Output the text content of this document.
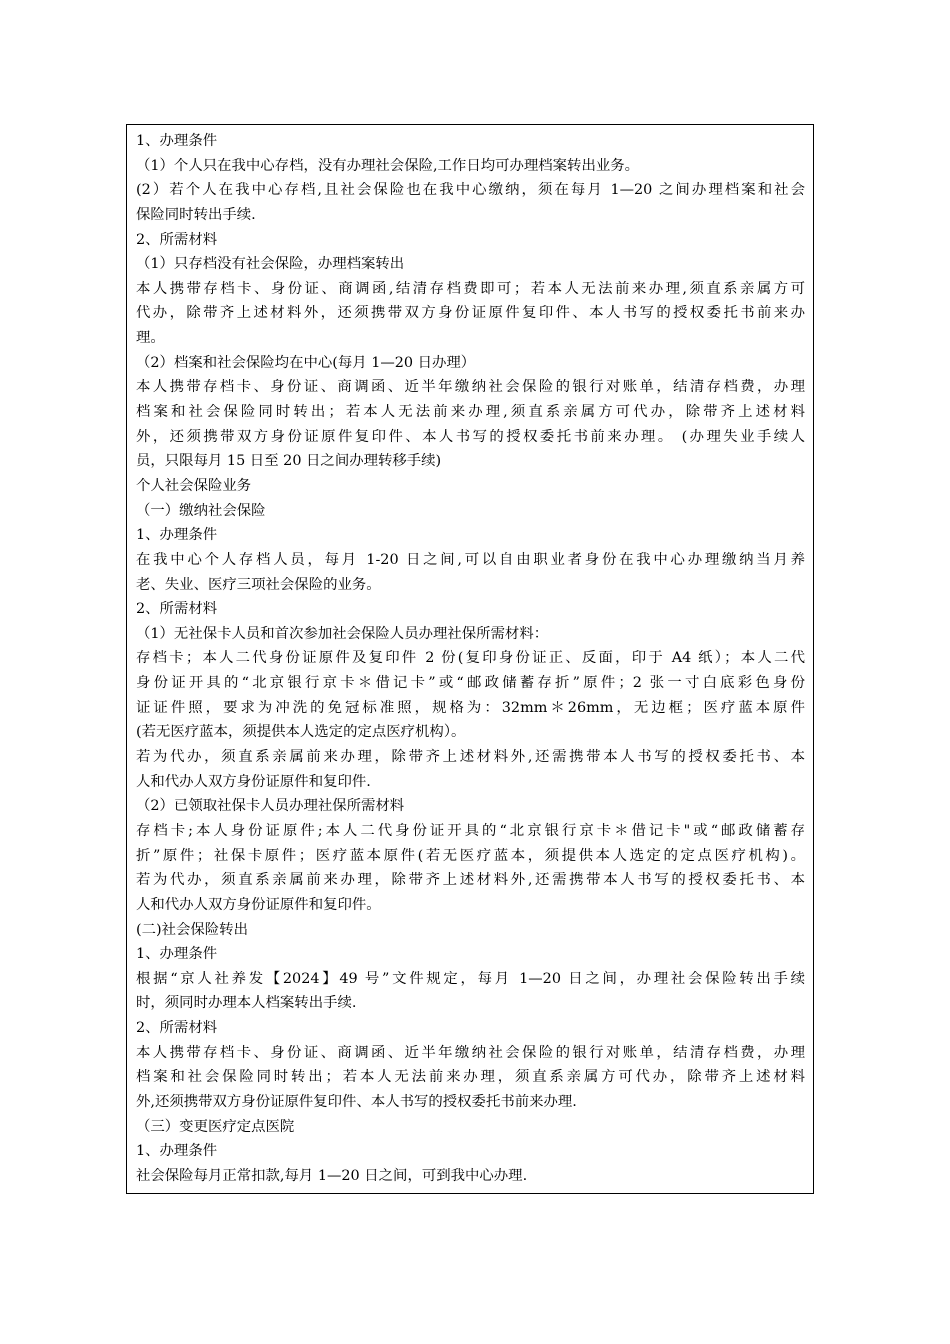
1、办理条件
（1）个人只在我中心存档，没有办理社会保险,工作日均可办理档案转出业务。
(2）若个人在我中心存档,且社会保险也在我中心缴纳，须在每月 1—20 之间办理档案和社会
保险同时转出手续.
2、所需材料
（1）只存档没有社会保险，办理档案转出
本人携带存档卡、身份证、商调函,结清存档费即可；若本人无法前来办理,须直系亲属方可
代办，除带齐上述材料外，还须携带双方身份证原件复印件、本人书写的授权委托书前来办
理。
（2）档案和社会保险均在中心(每月 1—20 日办理）
本人携带存档卡、身份证、商调函、近半年缴纳社会保险的银行对账单，结清存档费，办理
档案和社会保险同时转出；若本人无法前来办理,须直系亲属方可代办，除带齐上述材料
外，还须携带双方身份证原件复印件、本人书写的授权委托书前来办理。 (办理失业手续人
员，只限每月 15 日至 20 日之间办理转移手续)
个人社会保险业务
（一）缴纳社会保险
1、办理条件
在我中心个人存档人员，每月 1-20 日之间,可以自由职业者身份在我中心办理缴纳当月养
老、失业、医疗三项社会保险的业务。
2、所需材料
（1）无社保卡人员和首次参加社会保险人员办理社保所需材料：
存档卡；本人二代身份证原件及复印件 2 份(复印身份证正、反面，印于 A4 纸）；本人二代
身份证开具的“北京银行京卡＊借记卡”或“邮政储蓄存折”原件；2 张一寸白底彩色身份
证证件照，要求为冲洗的免冠标准照，规格为：32mm＊26mm，无边框；医疗蓝本原件
(若无医疗蓝本，须提供本人选定的定点医疗机构）。
若为代办，须直系亲属前来办理，除带齐上述材料外,还需携带本人书写的授权委托书、本
人和代办人双方身份证原件和复印件.
（2）已领取社保卡人员办理社保所需材料
存档卡;本人身份证原件;本人二代身份证开具的“北京银行京卡＊借记卡"或“邮政储蓄存
折”原件；社保卡原件；医疗蓝本原件(若无医疗蓝本，须提供本人选定的定点医疗机构)。
若为代办，须直系亲属前来办理，除带齐上述材料外,还需携带本人书写的授权委托书、本
人和代办人双方身份证原件和复印件。
(二)社会保险转出
1、办理条件
根据“京人社养发【2024】49 号”文件规定，每月 1—20 日之间，办理社会保险转出手续
时，须同时办理本人档案转出手续.
2、所需材料
本人携带存档卡、身份证、商调函、近半年缴纳社会保险的银行对账单，结清存档费，办理
档案和社会保险同时转出；若本人无法前来办理，须直系亲属方可代办，除带齐上述材料
外,还须携带双方身份证原件复印件、本人书写的授权委托书前来办理.
（三）变更医疗定点医院
1、办理条件
社会保险每月正常扣款,每月 1—20 日之间，可到我中心办理.
